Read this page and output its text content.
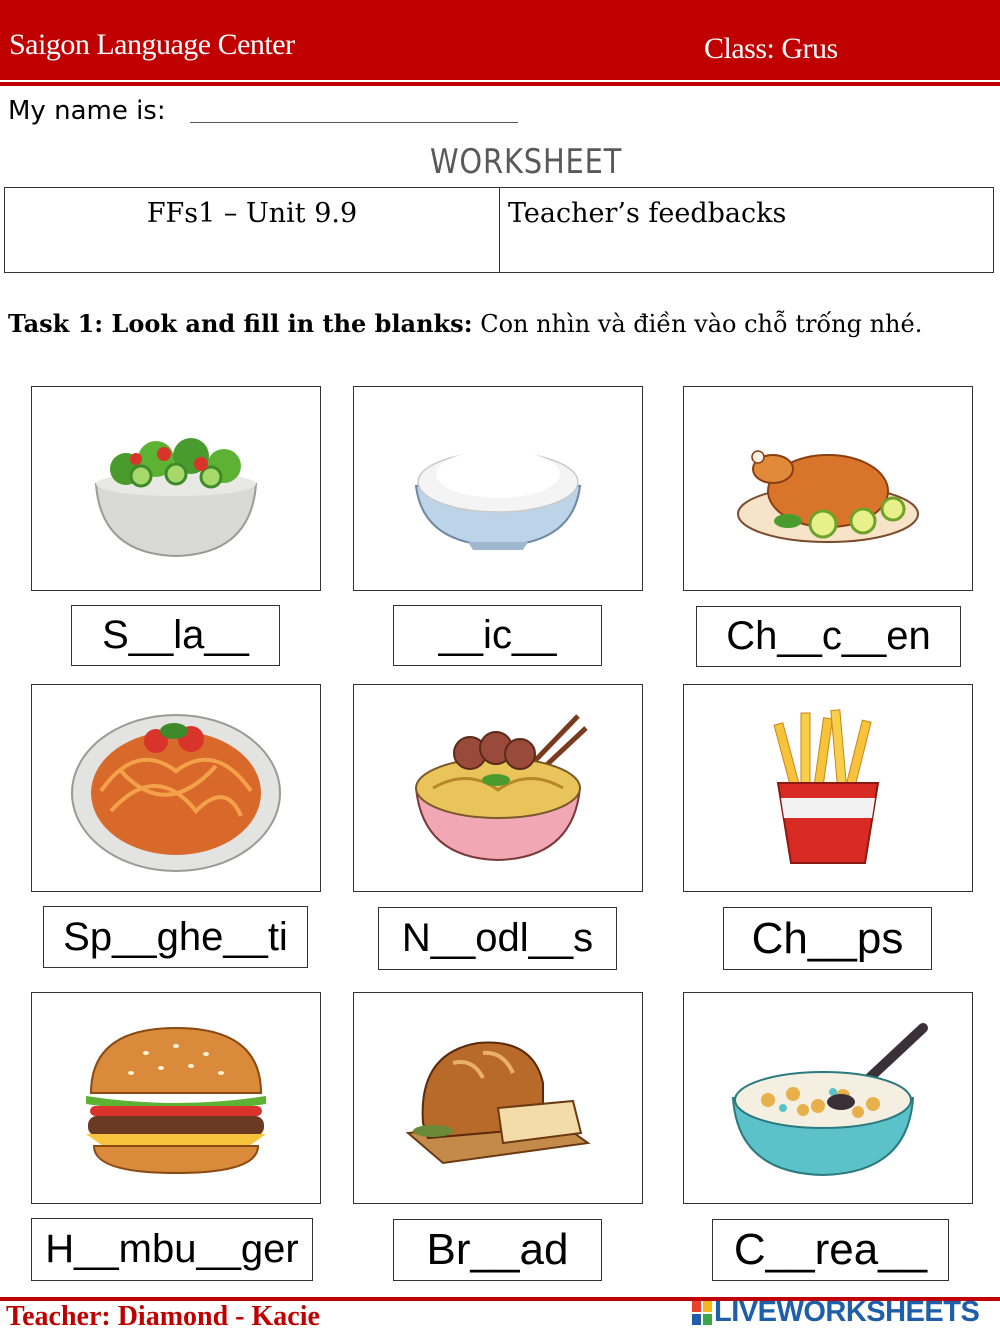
Saigon Language Center	Class: Grus
My name is:
WORKSHEET
FFs1 – Unit 9.9	Teacher’s feedbacks
Task 1: Look and fill in the blanks: Con nhìn và điền vào chỗ trống nhé.
S__la__	__ic__	Ch__c__en
Sp__ghe__ti	N__odl__s	Ch__ps
H__mbu__ger	Br__ad	C__rea__
Teacher: Diamond - Kacie	LIVEWORKSHEETS
